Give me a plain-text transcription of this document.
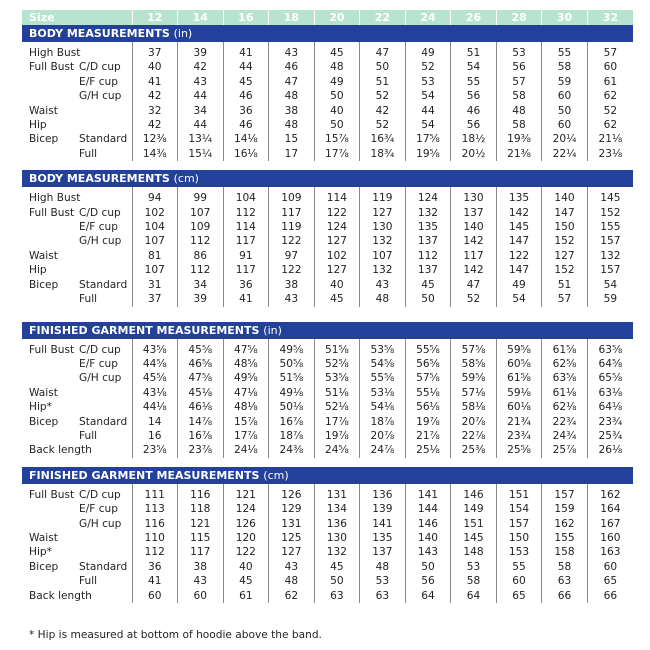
Size		12	14	16	18	20	22	24	26	28	30	32
BODY MEASUREMENTS (in)												

High Bust		37	39	41	43	45	47	49	51	53	55	57
Full Bust	C/D cup	40	42	44	46	48	50	52	54	56	58	60
	E/F cup	41	43	45	47	49	51	53	55	57	59	61
	G/H cup	42	44	46	48	50	52	54	56	58	60	62
Waist		32	34	36	38	40	42	44	46	48	50	52
Hip		42	44	46	48	50	52	54	56	58	60	62
Bicep	Standard	12⅜	13¼	14⅛	15	15⅞	16¾	17⅝	18½	19⅜	20¼	21⅛
	Full	14⅜	15¼	16⅛	17	17⅞	18¾	19⅝	20½	21⅜	22¼	23⅛

BODY MEASUREMENTS (cm)												

High Bust		94	99	104	109	114	119	124	130	135	140	145
Full Bust	C/D cup	102	107	112	117	122	127	132	137	142	147	152
	E/F cup	104	109	114	119	124	130	135	140	145	150	155
	G/H cup	107	112	117	122	127	132	137	142	147	152	157
Waist		81	86	91	97	102	107	112	117	122	127	132
Hip		107	112	117	122	127	132	137	142	147	152	157
Bicep	Standard	31	34	36	38	40	43	45	47	49	51	54
	Full	37	39	41	43	45	48	50	52	54	57	59

FINISHED GARMENT MEASUREMENTS (in)												

Full Bust	C/D cup	43⅝	45⅝	47⅝	49⅝	51⅝	53⅝	55⅝	57⅝	59⅝	61⅝	63⅝
	E/F cup	44⅝	46⅝	48⅝	50⅝	52⅝	54⅝	56⅝	58⅝	60⅝	62⅝	64⅝
	G/H cup	45⅝	47⅝	49⅝	51⅝	53⅝	55⅝	57⅝	59⅝	61⅝	63⅝	65⅝
Waist		43⅛	45⅛	47⅛	49⅛	51⅛	53⅛	55⅛	57⅛	59⅛	61⅛	63⅛
Hip*		44⅛	46⅛	48⅛	50⅛	52⅛	54⅛	56⅛	58⅛	60⅛	62⅛	64⅛
Bicep	Standard	14	14⅞	15⅞	16⅞	17⅞	18⅞	19⅞	20⅞	21¾	22¾	23¾
	Full	16	16⅞	17⅞	18⅞	19⅞	20⅞	21⅞	22⅞	23¾	24¾	25¾
Back length		23⅝	23⅞	24⅛	24⅜	24⅝	24⅞	25⅛	25⅜	25⅝	25⅞	26⅛

FINISHED GARMENT MEASUREMENTS (cm)												

Full Bust	C/D cup	111	116	121	126	131	136	141	146	151	157	162
	E/F cup	113	118	124	129	134	139	144	149	154	159	164
	G/H cup	116	121	126	131	136	141	146	151	157	162	167
Waist		110	115	120	125	130	135	140	145	150	155	160
Hip*		112	117	122	127	132	137	143	148	153	158	163
Bicep	Standard	36	38	40	43	45	48	50	53	55	58	60
	Full	41	43	45	48	50	53	56	58	60	63	65
Back length		60	60	61	62	63	63	64	64	65	66	66
* Hip is measured at bottom of hoodie above the band.
